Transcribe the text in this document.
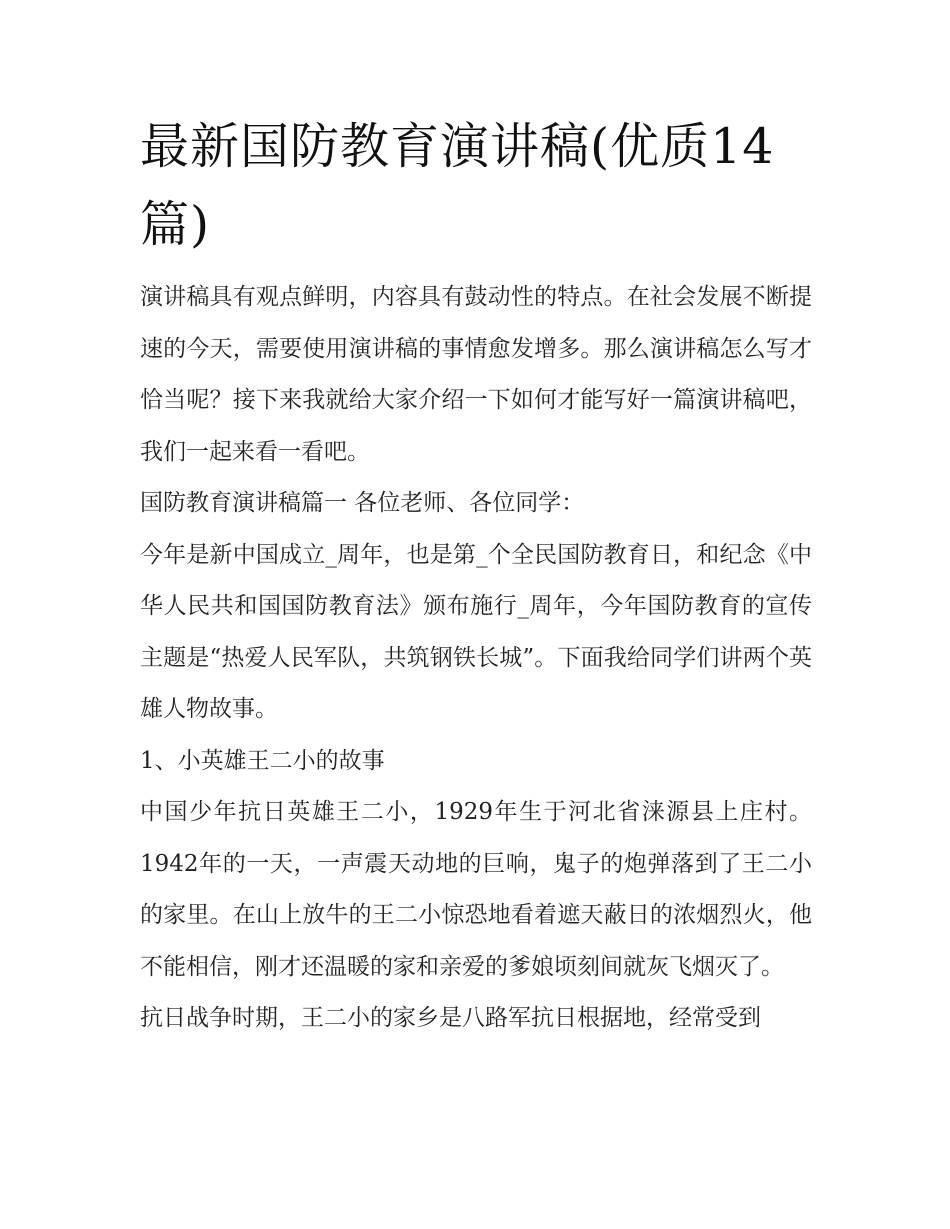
最新国防教育演讲稿(优质14篇)

演讲稿具有观点鲜明，内容具有鼓动性的特点。在社会发展不断提速的今天，需要使用演讲稿的事情愈发增多。那么演讲稿怎么写才恰当呢？接下来我就给大家介绍一下如何才能写好一篇演讲稿吧，我们一起来看一看吧。

国防教育演讲稿篇一 各位老师、各位同学：

今年是新中国成立_周年，也是第_个全民国防教育日，和纪念《中华人民共和国国防教育法》颁布施行_周年，今年国防教育的宣传主题是“热爱人民军队，共筑钢铁长城”。下面我给同学们讲两个英雄人物故事。

1、小英雄王二小的故事

中国少年抗日英雄王二小，1929年生于河北省涞源县上庄村。1942年的一天，一声震天动地的巨响，鬼子的炮弹落到了王二小的家里。在山上放牛的王二小惊恐地看着遮天蔽日的浓烟烈火，他不能相信，刚才还温暖的家和亲爱的爹娘顷刻间就灰飞烟灭了。

抗日战争时期，王二小的家乡是八路军抗日根据地，经常受到
